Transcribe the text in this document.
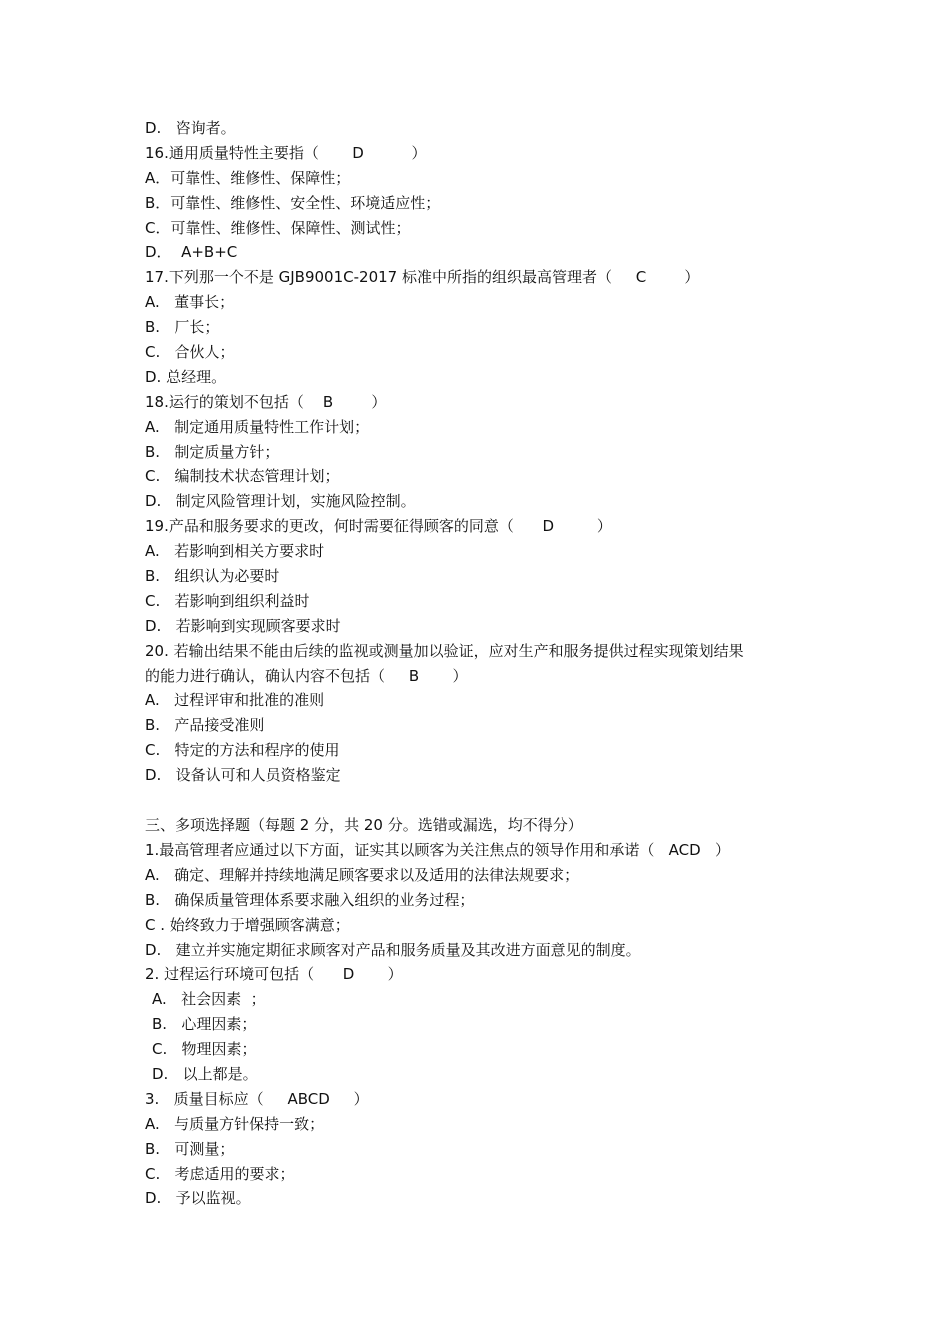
D.   咨询者。
16.通用质量特性主要指（       D          ）
A．可靠性、维修性、保障性；
B．可靠性、维修性、安全性、环境适应性；
C．可靠性、维修性、保障性、测试性；
D．  A+B+C
17.下列那一个不是 GJB9001C-2017 标准中所指的组织最高管理者（     C        ）
A.   董事长；
B.   厂长；
C.   合伙人；
D. 总经理。
18.运行的策划不包括（    B        ）
A.   制定通用质量特性工作计划；
B.   制定质量方针；
C.   编制技术状态管理计划；
D.   制定风险管理计划，实施风险控制。
19.产品和服务要求的更改，何时需要征得顾客的同意（      D         ）
A.   若影响到相关方要求时
B.   组织认为必要时
C.   若影响到组织利益时
D.   若影响到实现顾客要求时
20. 若输出结果不能由后续的监视或测量加以验证，应对生产和服务提供过程实现策划结果
的能力进行确认，确认内容不包括（     B       ）
A.   过程评审和批准的准则
B.   产品接受准则
C.   特定的方法和程序的使用
D.   设备认可和人员资格鉴定
三、多项选择题（每题 2 分，共 20 分。选错或漏选，均不得分）
1.最高管理者应通过以下方面，证实其以顾客为关注焦点的领导作用和承诺（   ACD   ）
A.   确定、理解并持续地满足顾客要求以及适用的法律法规要求；
B.   确保质量管理体系要求融入组织的业务过程；
C . 始终致力于增强顾客满意；
D.   建立并实施定期征求顾客对产品和服务质量及其改进方面意见的制度。
2. 过程运行环境可包括（      D       ）
A.   社会因素  ；
B.   心理因素；
C.   物理因素；
D.   以上都是。
3.   质量目标应（     ABCD     ）
A.   与质量方针保持一致；
B.   可测量；
C.   考虑适用的要求；
D.   予以监视。
